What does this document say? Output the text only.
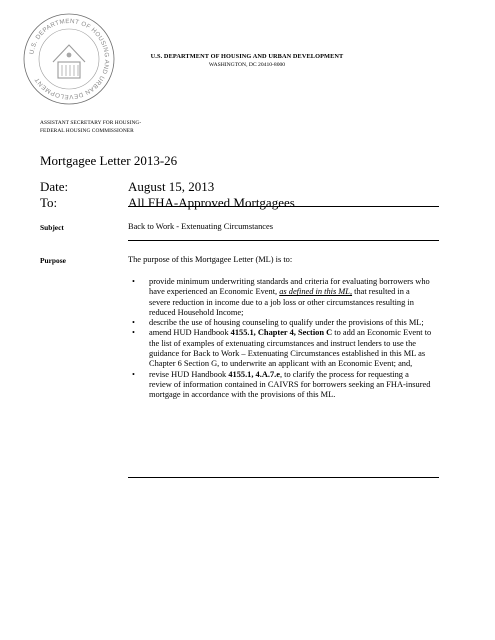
U.S. DEPARTMENT OF HOUSING AND URBAN DEVELOPMENT
U.S. DEPARTMENT OF HOUSING AND URBAN DEVELOPMENT
WASHINGTON, DC 20410-8000
ASSISTANT SECRETARY FOR HOUSING-
FEDERAL HOUSING COMMISSIONER
Mortgagee Letter 2013-26
Date:	August 15, 2013
To:	All FHA-Approved Mortgagees
Subject	Back to Work - Extenuating Circumstances
Purpose	The purpose of this Mortgagee Letter (ML) is to:
• provide minimum underwriting standards and criteria for evaluating borrowers who have experienced an Economic Event, as defined in this ML, that resulted in a severe reduction in income due to a job loss or other circumstances resulting in reduced Household Income;
• describe the use of housing counseling to qualify under the provisions of this ML;
• amend HUD Handbook 4155.1, Chapter 4, Section C to add an Economic Event to the list of examples of extenuating circumstances and instruct lenders to use the guidance for Back to Work – Extenuating Circumstances established in this ML as Chapter 6 Section G, to underwrite an applicant with an Economic Event; and,
• revise HUD Handbook 4155.1, 4.A.7.e, to clarify the process for requesting a review of information contained in CAIVRS for borrowers seeking an FHA-insured mortgage in accordance with the provisions of this ML.
